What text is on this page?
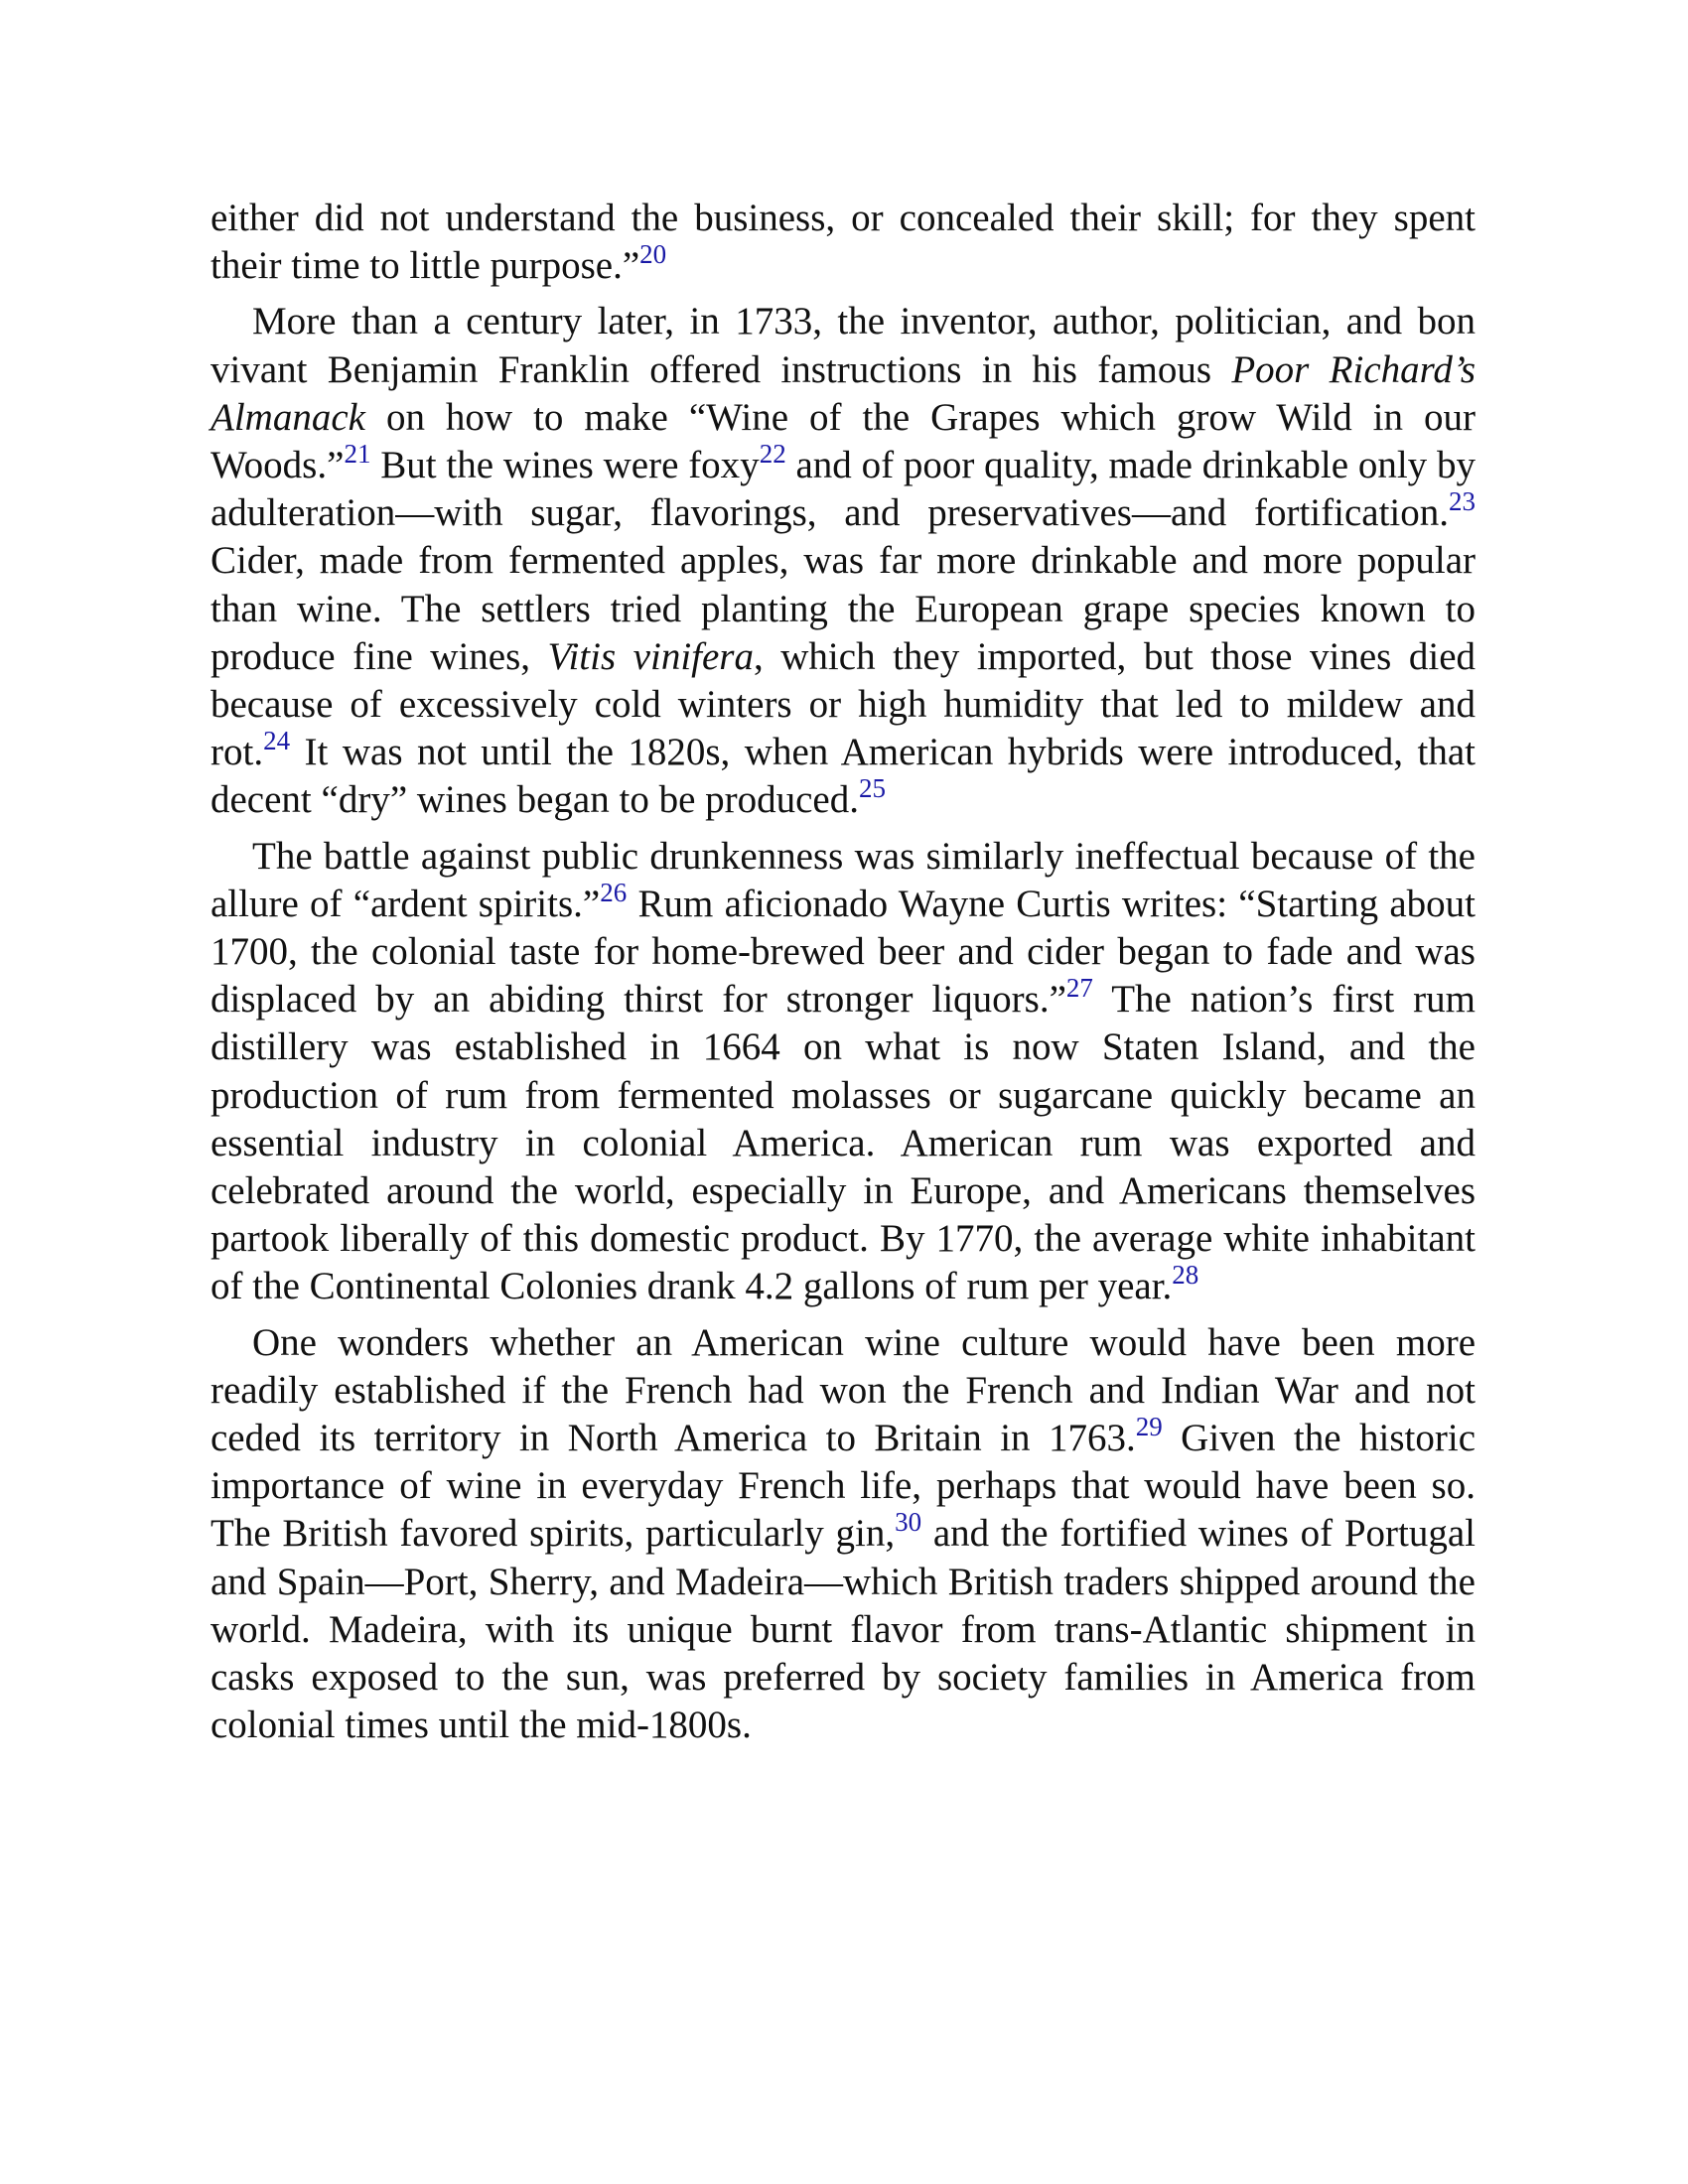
either did not understand the business, or concealed their skill; for they spent their time to little purpose.”$^{20}$

More than a century later, in 1733, the inventor, author, politician, and bon vivant Benjamin Franklin offered instructions in his famous Poor Richard’s Almanack on how to make “Wine of the Grapes which grow Wild in our Woods.”$^{21}$ But the wines were foxy$^{22}$ and of poor quality, made drinkable only by adulteration—with sugar, flavorings, and preservatives—and fortification.$^{23}$ Cider, made from fermented apples, was far more drinkable and more popular than wine. The settlers tried planting the European grape species known to produce fine wines, Vitis vinifera, which they imported, but those vines died because of excessively cold winters or high humidity that led to mildew and rot.$^{24}$ It was not until the 1820s, when American hybrids were introduced, that decent “dry” wines began to be produced.$^{25}$

The battle against public drunkenness was similarly ineffectual because of the allure of “ardent spirits.”$^{26}$ Rum aficionado Wayne Curtis writes: “Starting about 1700, the colonial taste for home-brewed beer and cider began to fade and was displaced by an abiding thirst for stronger liquors.”$^{27}$ The nation’s first rum distillery was established in 1664 on what is now Staten Island, and the production of rum from fermented molasses or sugarcane quickly became an essential industry in colonial America. American rum was exported and celebrated around the world, especially in Europe, and Americans themselves partook liberally of this domestic product. By 1770, the average white inhabitant of the Continental Colonies drank 4.2 gallons of rum per year.$^{28}$

One wonders whether an American wine culture would have been more readily established if the French had won the French and Indian War and not ceded its territory in North America to Britain in 1763.29 Given the historic importance of wine in everyday French life, perhaps that would have been so. The British favored spirits, particularly gin,$^{30}$ and the fortified wines of Portugal and Spain—Port, Sherry, and Madeira—which British traders shipped around the world. Madeira, with its unique burnt flavor from trans-Atlantic shipment in casks exposed to the sun, was preferred by society families in America from colonial times until the mid-1800s.
